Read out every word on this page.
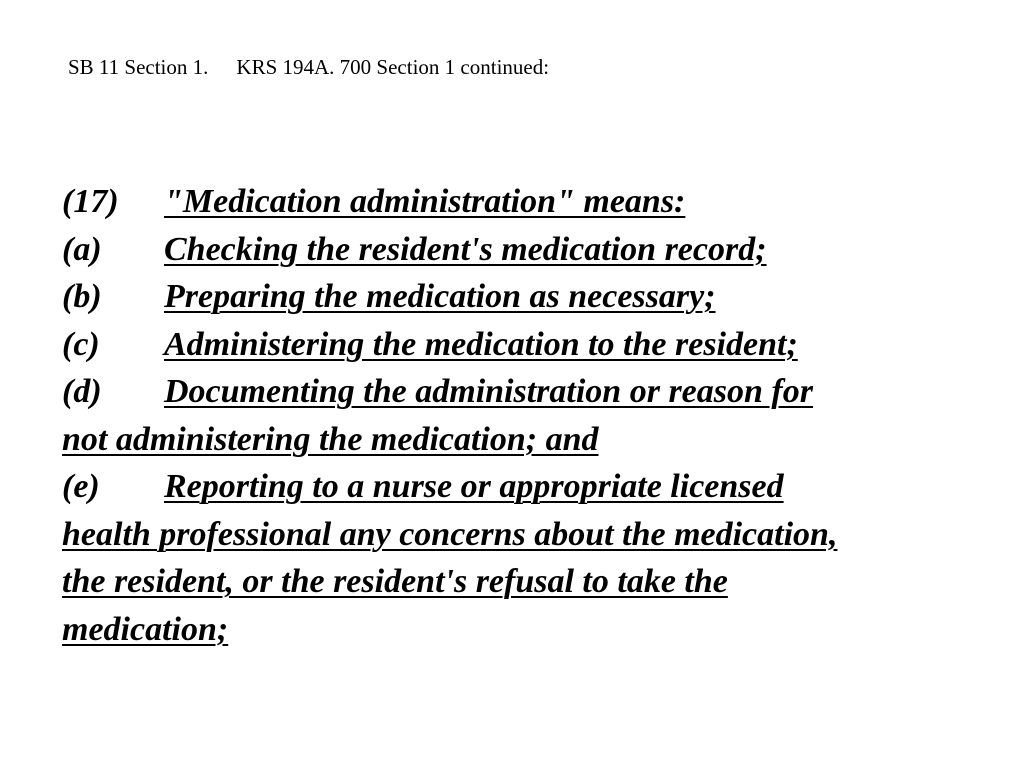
SB 11 Section 1. KRS 194A. 700 Section 1 continued:
(17) "Medication administration" means:
(a) Checking the resident's medication record;
(b) Preparing the medication as necessary;
(c) Administering the medication to the resident;
(d) Documenting the administration or reason for
not administering the medication; and
(e) Reporting to a nurse or appropriate licensed
health professional any concerns about the medication,
the resident, or the resident's refusal to take the
medication;
